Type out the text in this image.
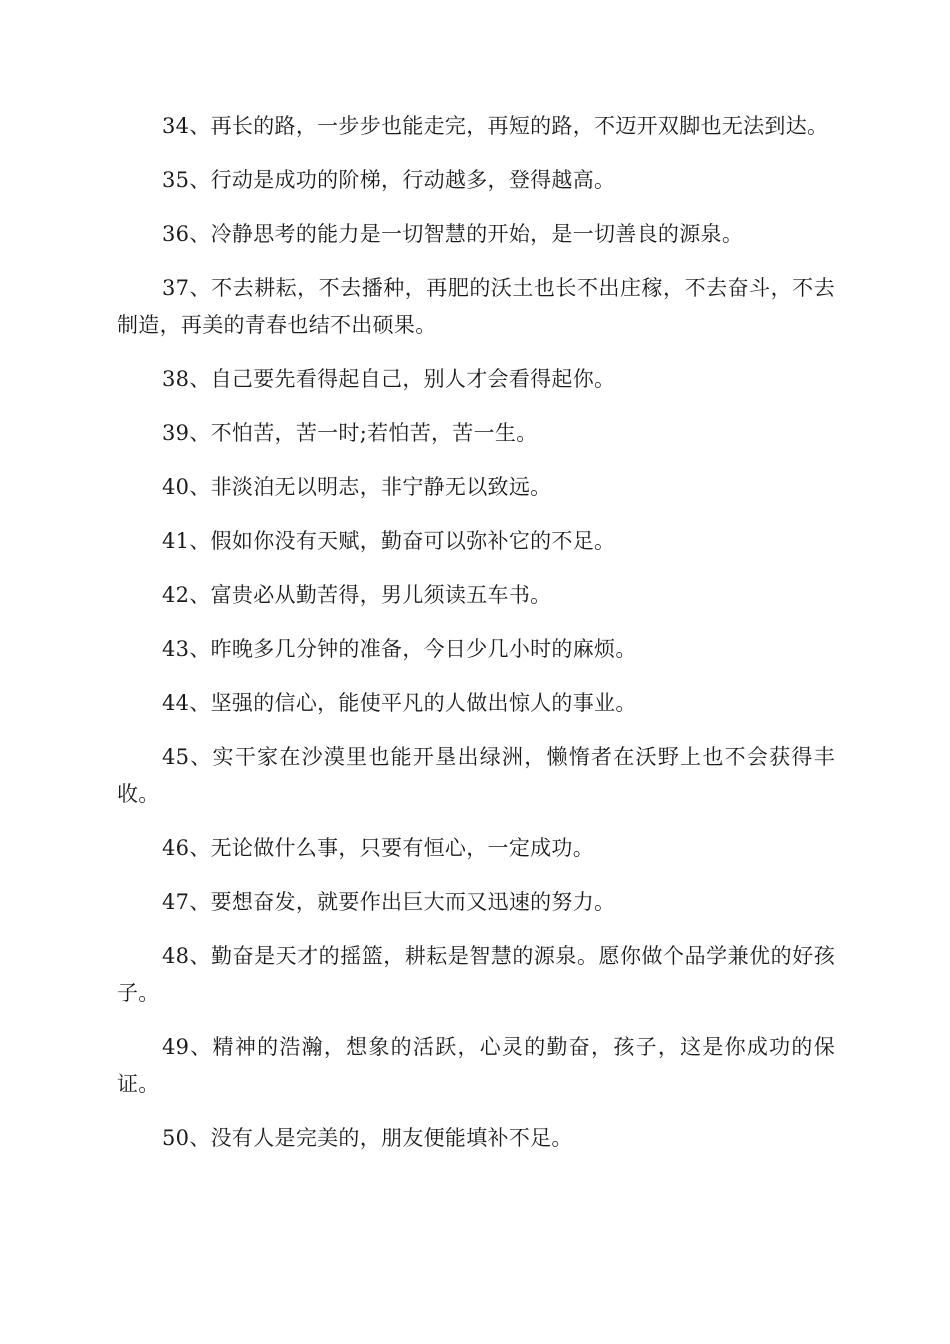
34、再长的路，一步步也能走完，再短的路，不迈开双脚也无法到达。

35、行动是成功的阶梯，行动越多，登得越高。

36、冷静思考的能力是一切智慧的开始，是一切善良的源泉。

37、不去耕耘，不去播种，再肥的沃土也长不出庄稼，不去奋斗，不去制造，再美的青春也结不出硕果。

38、自己要先看得起自己，别人才会看得起你。

39、不怕苦，苦一时;若怕苦，苦一生。

40、非淡泊无以明志，非宁静无以致远。

41、假如你没有天赋，勤奋可以弥补它的不足。

42、富贵必从勤苦得，男儿须读五车书。

43、昨晚多几分钟的准备，今日少几小时的麻烦。

44、坚强的信心，能使平凡的人做出惊人的事业。

45、实干家在沙漠里也能开垦出绿洲，懒惰者在沃野上也不会获得丰收。

46、无论做什么事，只要有恒心，一定成功。

47、要想奋发，就要作出巨大而又迅速的努力。

48、勤奋是天才的摇篮，耕耘是智慧的源泉。愿你做个品学兼优的好孩子。

49、精神的浩瀚，想象的活跃，心灵的勤奋，孩子，这是你成功的保证。

50、没有人是完美的，朋友便能填补不足。
